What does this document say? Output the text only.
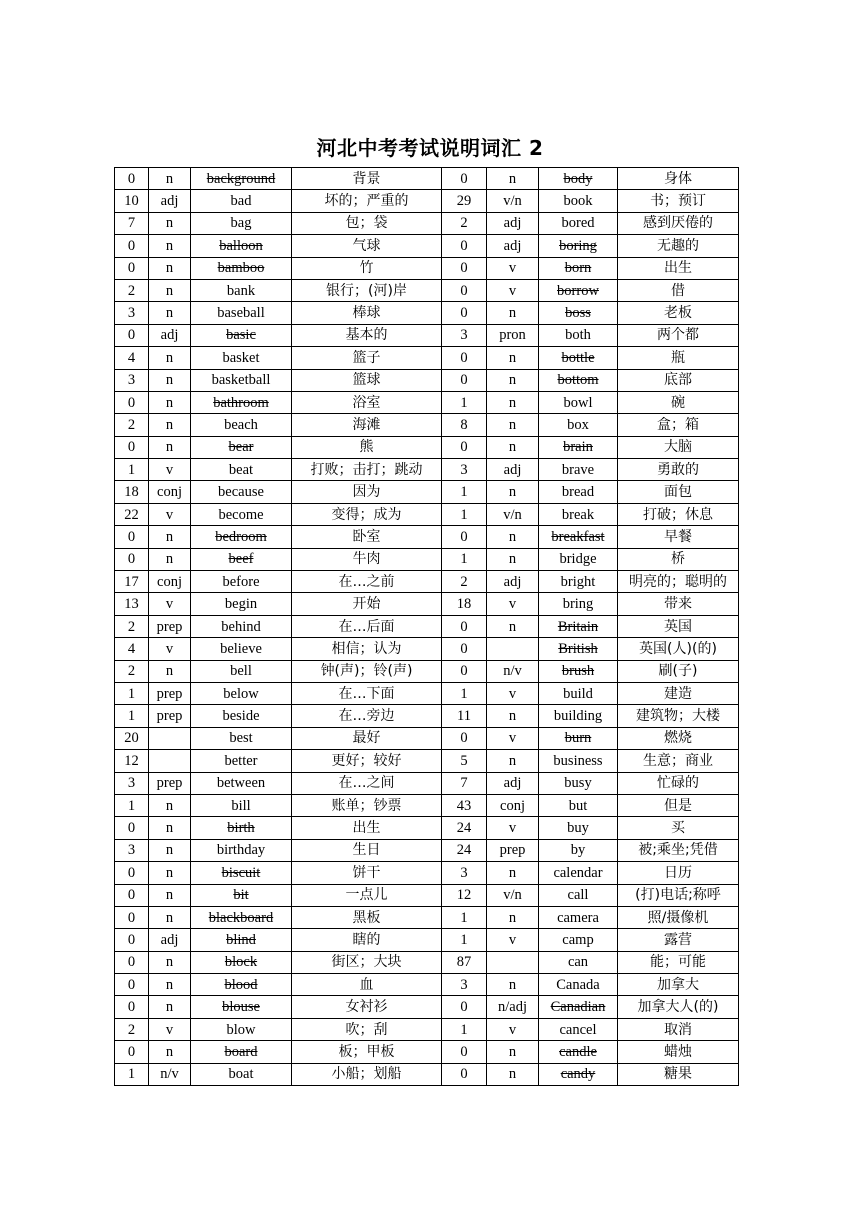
河北中考考试说明词汇 2
0	n	background	背景	0	n	body	身体
10	adj	bad	坏的；严重的	29	v/n	book	书；预订
7	n	bag	包；袋	2	adj	bored	感到厌倦的
0	n	balloon	气球	0	adj	boring	无趣的
0	n	bamboo	竹	0	v	born	出生
2	n	bank	银行；(河)岸	0	v	borrow	借
3	n	baseball	棒球	0	n	boss	老板
0	adj	basic	基本的	3	pron	both	两个都
4	n	basket	篮子	0	n	bottle	瓶
3	n	basketball	篮球	0	n	bottom	底部
0	n	bathroom	浴室	1	n	bowl	碗
2	n	beach	海滩	8	n	box	盒；箱
0	n	bear	熊	0	n	brain	大脑
1	v	beat	打败；击打；跳动	3	adj	brave	勇敢的
18	conj	because	因为	1	n	bread	面包
22	v	become	变得；成为	1	v/n	break	打破；休息
0	n	bedroom	卧室	0	n	breakfast	早餐
0	n	beef	牛肉	1	n	bridge	桥
17	conj	before	在…之前	2	adj	bright	明亮的；聪明的
13	v	begin	开始	18	v	bring	带来
2	prep	behind	在…后面	0	n	Britain	英国
4	v	believe	相信；认为	0		British	英国(人)(的)
2	n	bell	钟(声)；铃(声)	0	n/v	brush	刷(子)
1	prep	below	在…下面	1	v	build	建造
1	prep	beside	在…旁边	11	n	building	建筑物；大楼
20		best	最好	0	v	burn	燃烧
12		better	更好；较好	5	n	business	生意；商业
3	prep	between	在…之间	7	adj	busy	忙碌的
1	n	bill	账单；钞票	43	conj	but	但是
0	n	birth	出生	24	v	buy	买
3	n	birthday	生日	24	prep	by	被;乘坐;凭借
0	n	biscuit	饼干	3	n	calendar	日历
0	n	bit	一点儿	12	v/n	call	(打)电话;称呼
0	n	blackboard	黑板	1	n	camera	照/摄像机
0	adj	blind	瞎的	1	v	camp	露营
0	n	block	街区；大块	87		can	能；可能
0	n	blood	血	3	n	Canada	加拿大
0	n	blouse	女衬衫	0	n/adj	Canadian	加拿大人(的)
2	v	blow	吹；刮	1	v	cancel	取消
0	n	board	板；甲板	0	n	candle	蜡烛
1	n/v	boat	小船；划船	0	n	candy	糖果
